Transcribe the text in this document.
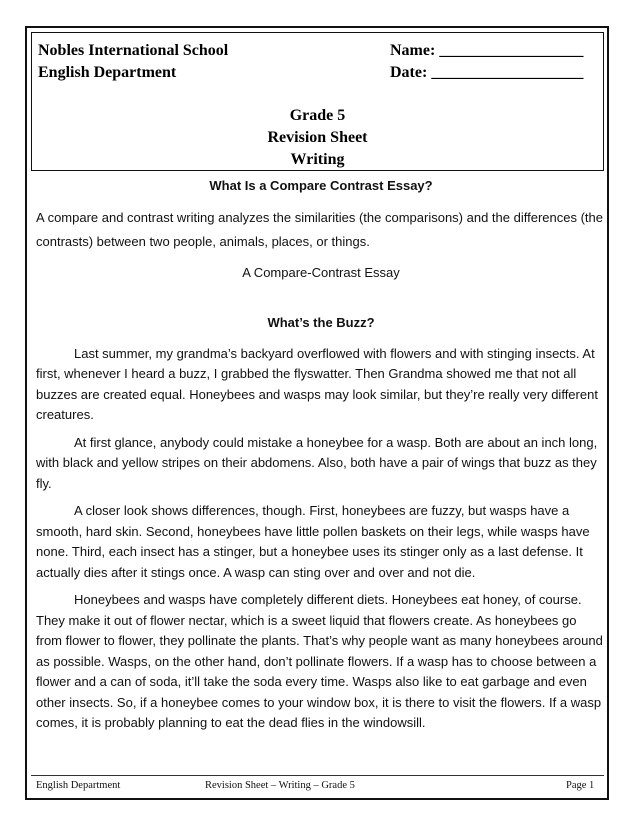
Nobles International School
English Department
Name: __________________
Date: ___________________
Grade 5
Revision Sheet
Writing

What Is a Compare Contrast Essay?

A compare and contrast writing analyzes the similarities (the comparisons) and the differences (the contrasts) between two people, animals, places, or things.

A Compare-Contrast Essay

What’s the Buzz?

Last summer, my grandma’s backyard overflowed with flowers and with stinging insects. At first, whenever I heard a buzz, I grabbed the flyswatter. Then Grandma showed me that not all buzzes are created equal. Honeybees and wasps may look similar, but they’re really very different creatures.

At first glance, anybody could mistake a honeybee for a wasp. Both are about an inch long, with black and yellow stripes on their abdomens. Also, both have a pair of wings that buzz as they fly.

A closer look shows differences, though. First, honeybees are fuzzy, but wasps have a smooth, hard skin. Second, honeybees have little pollen baskets on their legs, while wasps have none. Third, each insect has a stinger, but a honeybee uses its stinger only as a last defense. It actually dies after it stings once. A wasp can sting over and over and not die.

Honeybees and wasps have completely different diets. Honeybees eat honey, of course. They make it out of flower nectar, which is a sweet liquid that flowers create. As honeybees go from flower to flower, they pollinate the plants. That’s why people want as many honeybees around as possible. Wasps, on the other hand, don’t pollinate flowers. If a wasp has to choose between a flower and a can of soda, it’ll take the soda every time. Wasps also like to eat garbage and even other insects. So, if a honeybee comes to your window box, it is there to visit the flowers. If a wasp comes, it is probably planning to eat the dead flies in the windowsill.

English Department	Revision Sheet – Writing – Grade 5	Page 1
